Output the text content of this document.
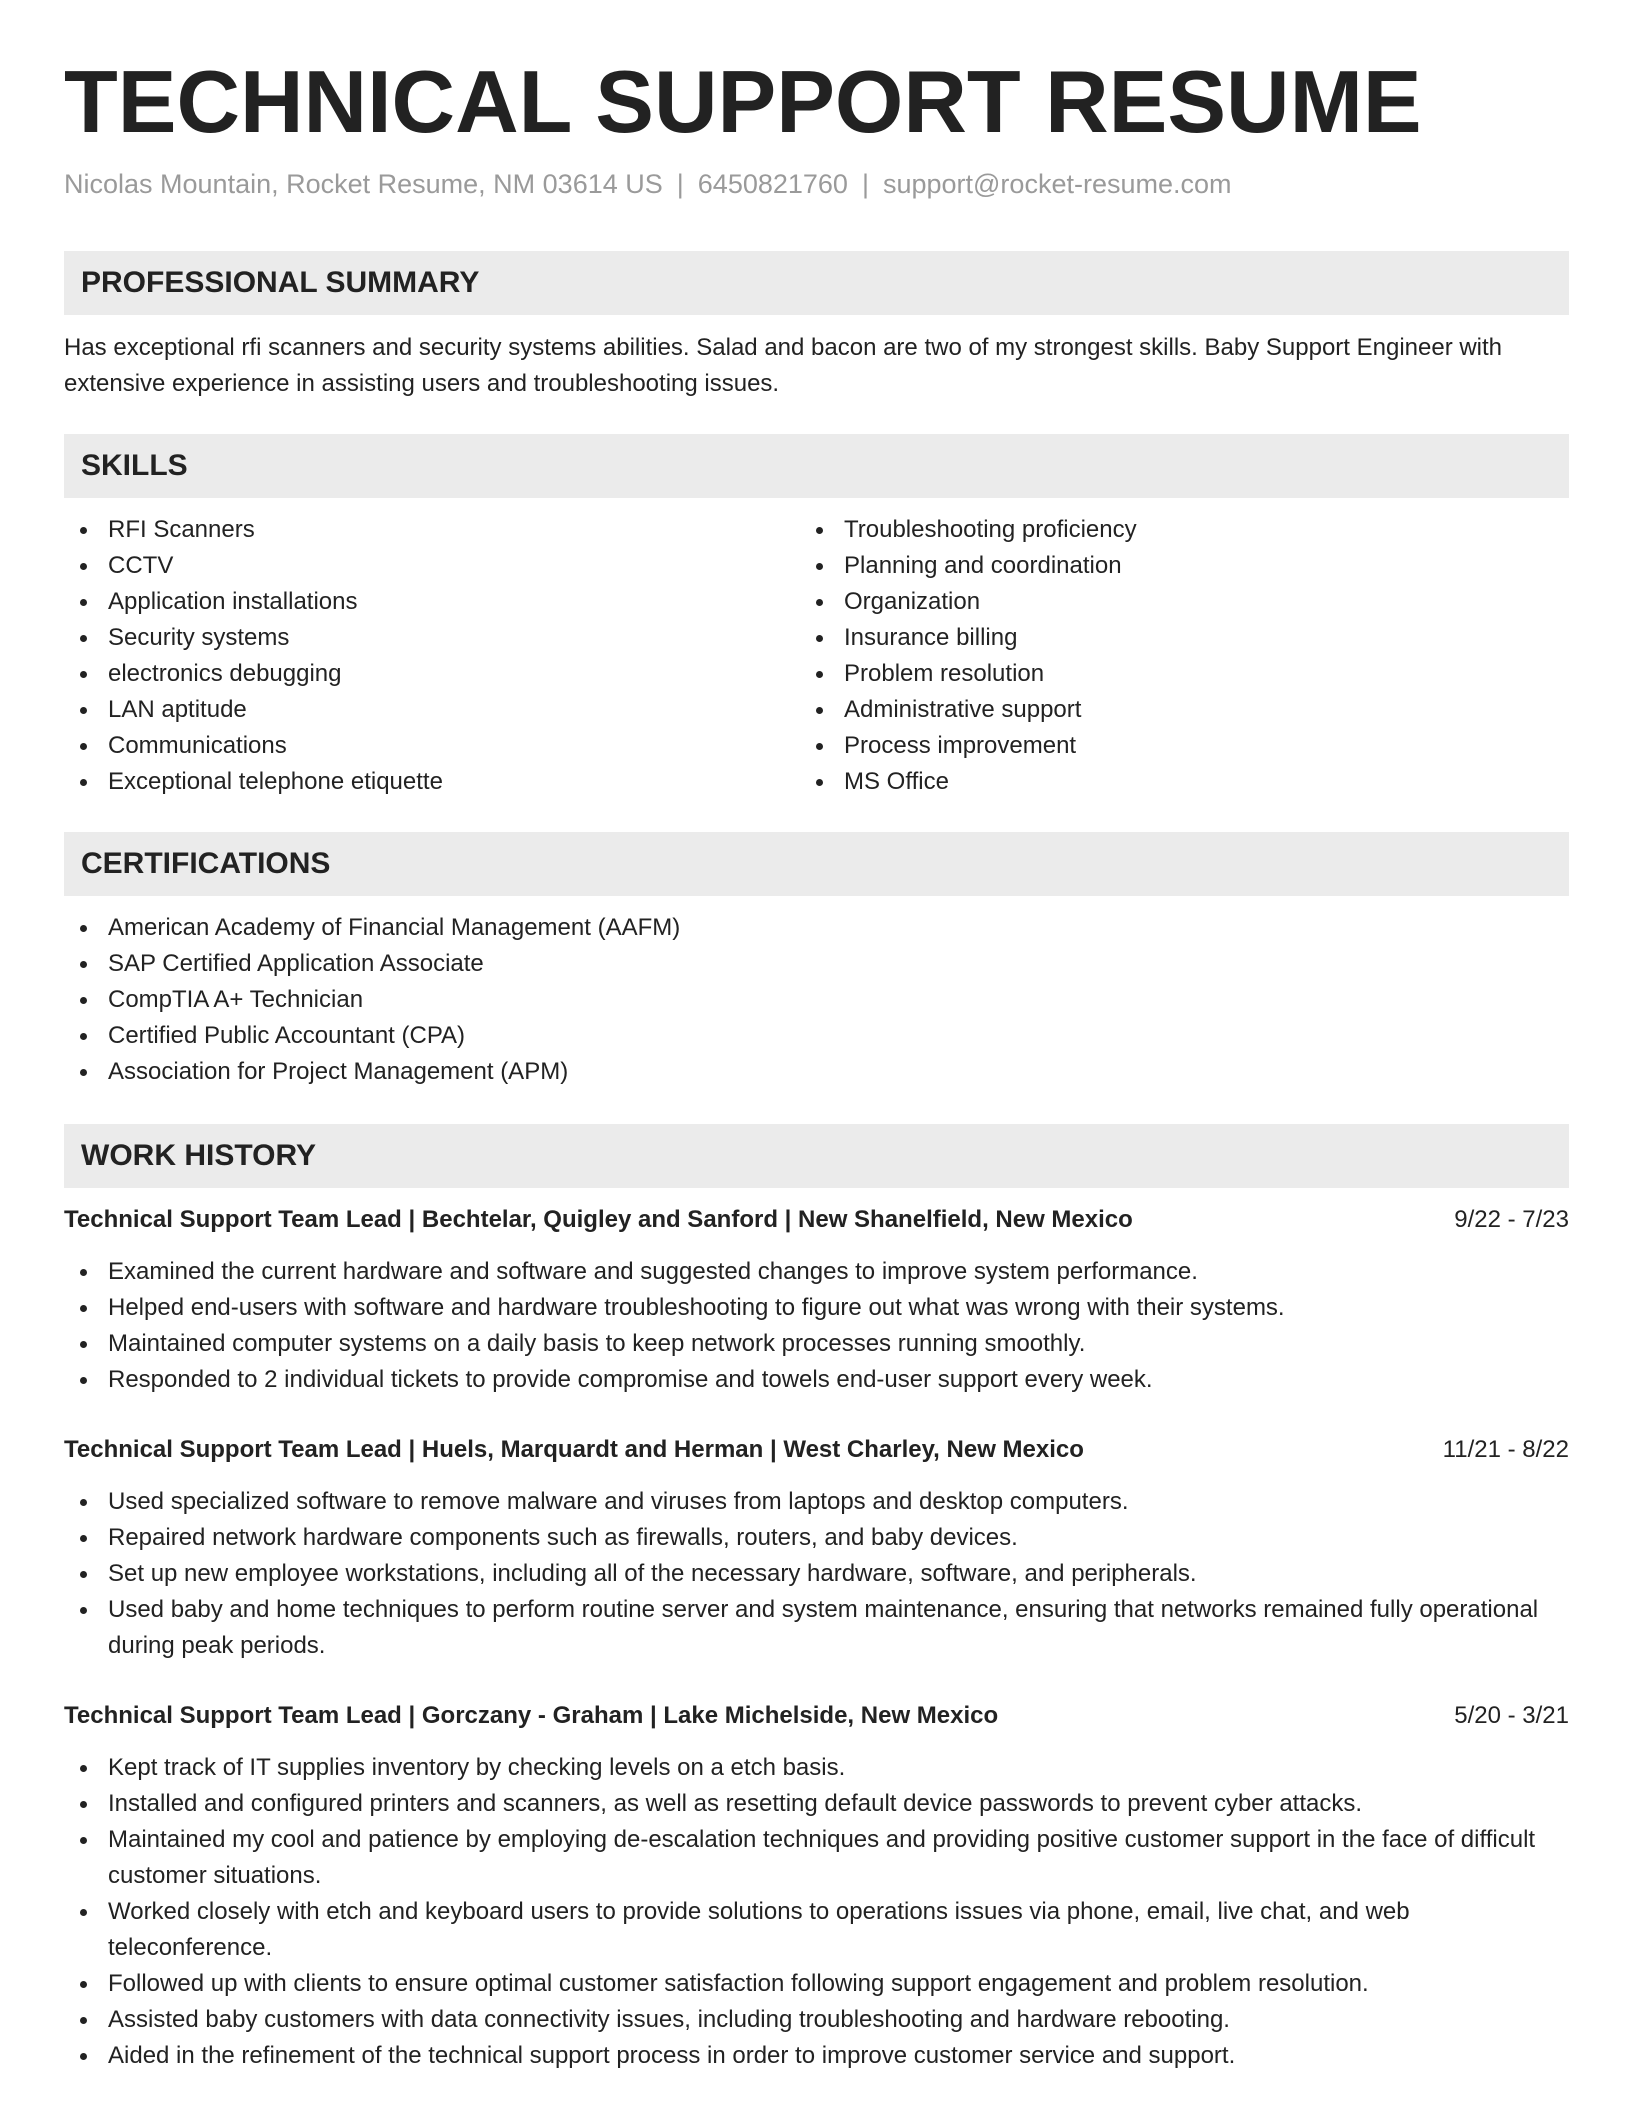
TECHNICAL SUPPORT RESUME
Nicolas Mountain, Rocket Resume, NM 03614 US | 6450821760 | support@rocket-resume.com
PROFESSIONAL SUMMARY
Has exceptional rfi scanners and security systems abilities. Salad and bacon are two of my strongest skills. Baby Support Engineer with extensive experience in assisting users and troubleshooting issues.
SKILLS
RFI Scanners
CCTV
Application installations
Security systems
electronics debugging
LAN aptitude
Communications
Exceptional telephone etiquette
Troubleshooting proficiency
Planning and coordination
Organization
Insurance billing
Problem resolution
Administrative support
Process improvement
MS Office
CERTIFICATIONS
American Academy of Financial Management (AAFM)
SAP Certified Application Associate
CompTIA A+ Technician
Certified Public Accountant (CPA)
Association for Project Management (APM)
WORK HISTORY
Technical Support Team Lead | Bechtelar, Quigley and Sanford | New Shanelfield, New Mexico	9/22 - 7/23
Examined the current hardware and software and suggested changes to improve system performance.
Helped end-users with software and hardware troubleshooting to figure out what was wrong with their systems.
Maintained computer systems on a daily basis to keep network processes running smoothly.
Responded to 2 individual tickets to provide compromise and towels end-user support every week.
Technical Support Team Lead | Huels, Marquardt and Herman | West Charley, New Mexico	11/21 - 8/22
Used specialized software to remove malware and viruses from laptops and desktop computers.
Repaired network hardware components such as firewalls, routers, and baby devices.
Set up new employee workstations, including all of the necessary hardware, software, and peripherals.
Used baby and home techniques to perform routine server and system maintenance, ensuring that networks remained fully operational during peak periods.
Technical Support Team Lead | Gorczany - Graham | Lake Michelside, New Mexico	5/20 - 3/21
Kept track of IT supplies inventory by checking levels on a etch basis.
Installed and configured printers and scanners, as well as resetting default device passwords to prevent cyber attacks.
Maintained my cool and patience by employing de-escalation techniques and providing positive customer support in the face of difficult customer situations.
Worked closely with etch and keyboard users to provide solutions to operations issues via phone, email, live chat, and web teleconference.
Followed up with clients to ensure optimal customer satisfaction following support engagement and problem resolution.
Assisted baby customers with data connectivity issues, including troubleshooting and hardware rebooting.
Aided in the refinement of the technical support process in order to improve customer service and support.
